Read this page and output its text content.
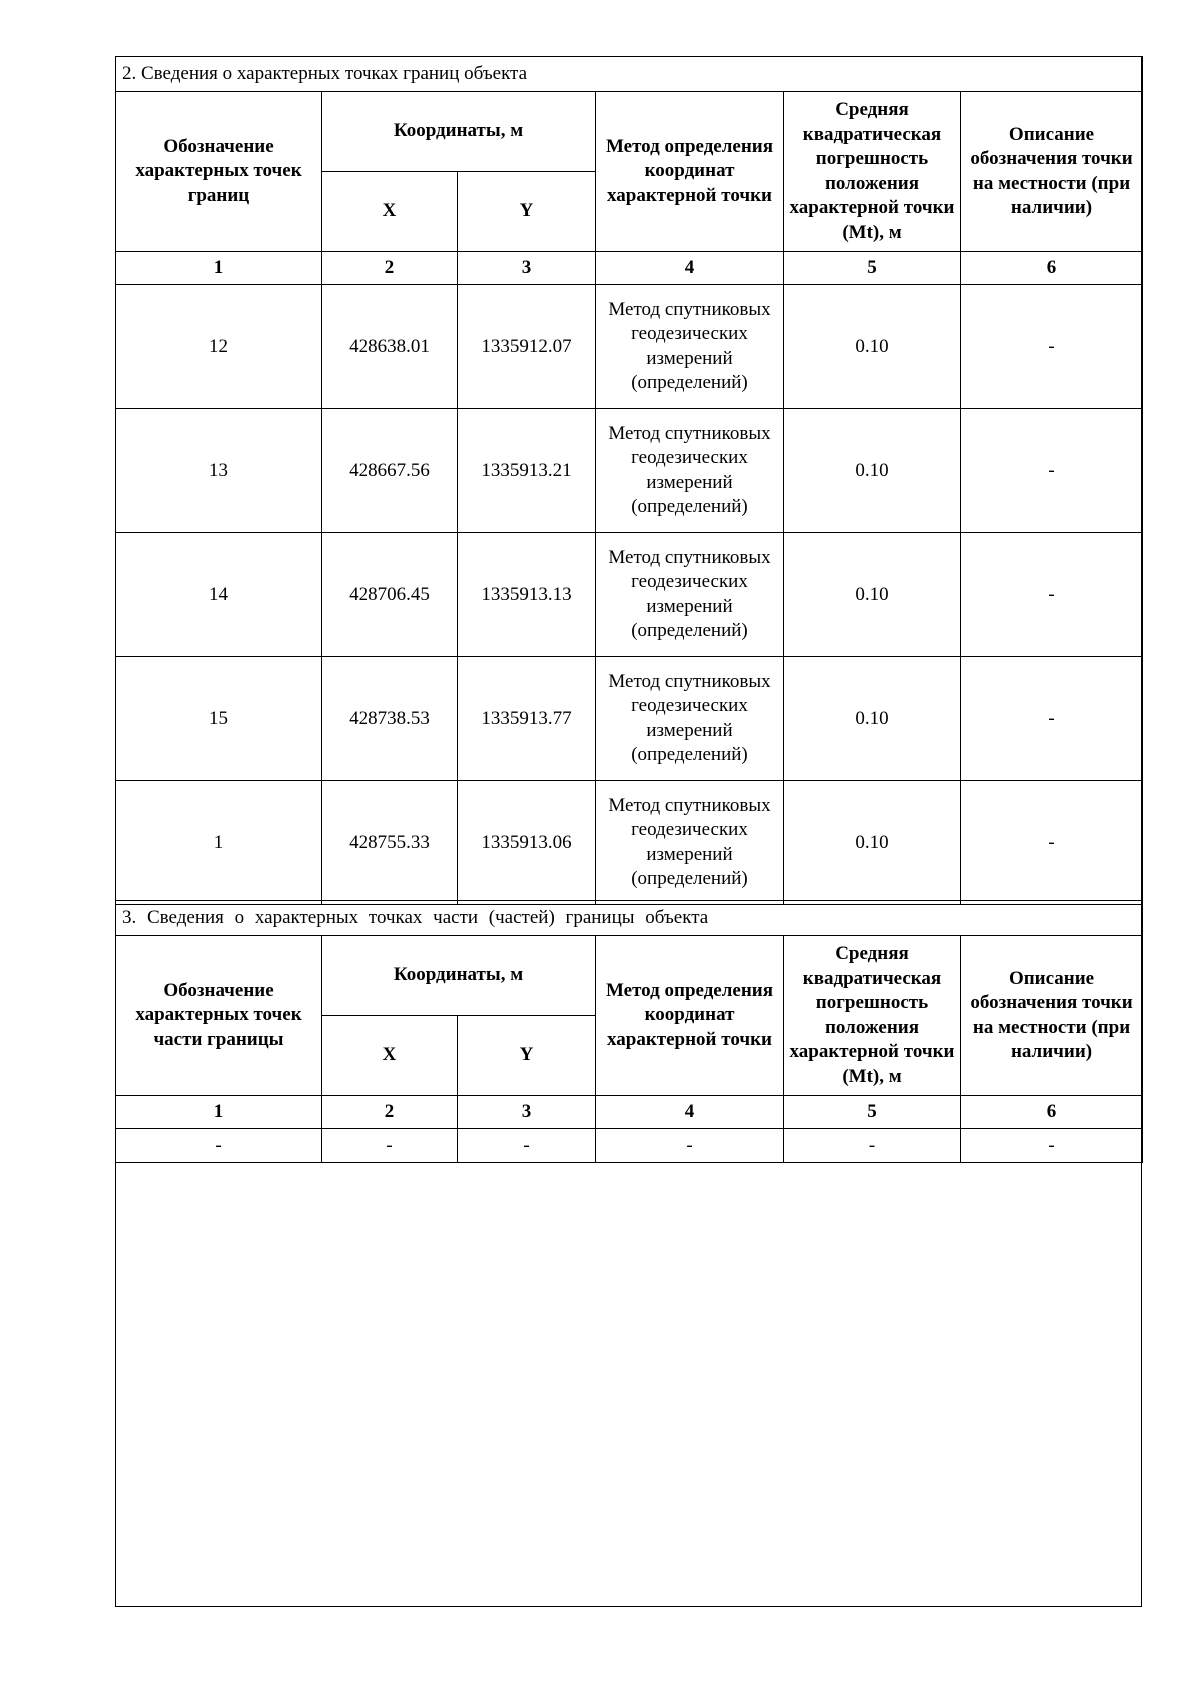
2. Сведения о характерных точках границ объекта					
Обозначение характерных точек границ	Координаты, м		Метод определения координат характерной точки	Средняя квадратическая погрешность положения характерной точки (Mt), м	Описание обозначения точки на местности (при наличии)
	X	Y			
1	2	3	4	5	6
12	428638.01	1335912.07	Метод спутниковых геодезических измерений (определений)	0.10	-
13	428667.56	1335913.21	Метод спутниковых геодезических измерений (определений)	0.10	-
14	428706.45	1335913.13	Метод спутниковых геодезических измерений (определений)	0.10	-
15	428738.53	1335913.77	Метод спутниковых геодезических измерений (определений)	0.10	-
1	428755.33	1335913.06	Метод спутниковых геодезических измерений (определений)	0.10	-
3. Сведения о характерных точках части (частей) границы объекта					
Обозначение характерных точек части границы	Координаты, м		Метод определения координат характерной точки	Средняя квадратическая погрешность положения характерной точки (Mt), м	Описание обозначения точки на местности (при наличии)
	X	Y			
1	2	3	4	5	6
-	-	-	-	-	-
